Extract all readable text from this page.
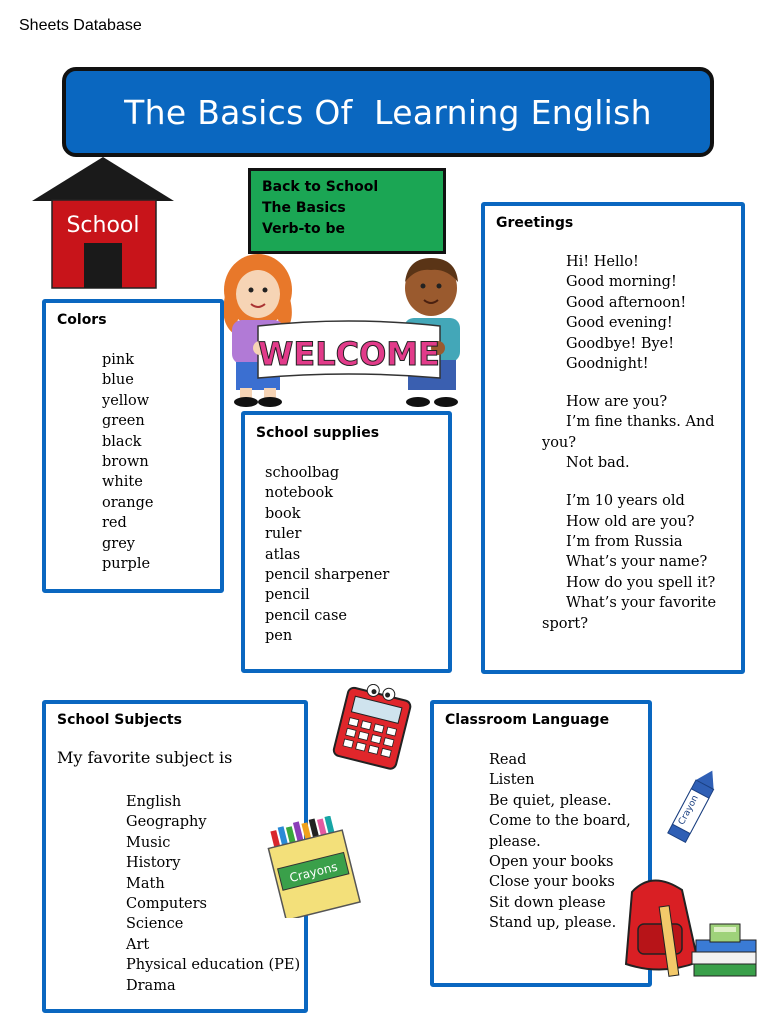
Sheets Database
The Basics Of  Learning English
School
Back to School
The Basics
Verb-to be
WELCOME
Colors
pink
blue
yellow
green
black
brown
white
orange
red
grey
purple
School supplies
schoolbag
notebook
book
ruler
atlas
pencil sharpener
pencil
pencil case
pen
Greetings
Hi! Hello!
Good morning!
Good afternoon!
Good evening!
Goodbye! Bye!
Goodnight!
How are you?
I’m fine thanks. And
you?
Not bad.
I’m 10 years old
How old are you?
I’m from Russia
What’s your name?
How do you spell it?
What’s your favorite
sport?
School Subjects
My favorite subject is
English
Geography
Music
History
Math
Computers
Science
Art
Physical education (PE)
Drama
Classroom Language
Read
Listen
Be quiet, please.
Come to the board,
please.
Open your books
Close your books
Sit down please
Stand up, please.
Crayons
Crayon
